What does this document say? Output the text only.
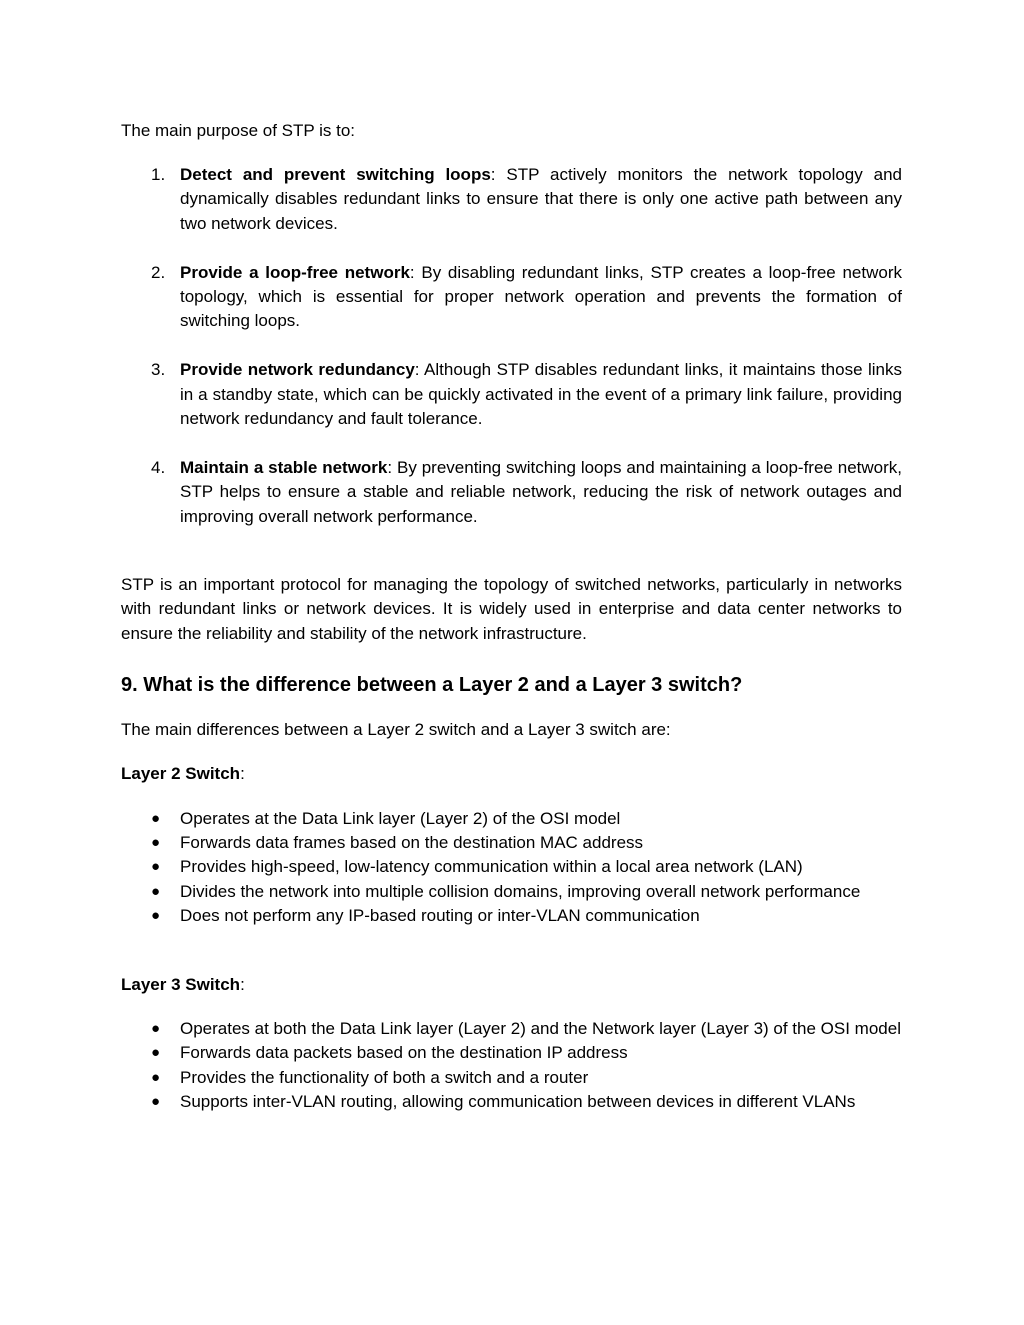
The main purpose of STP is to:

1. Detect and prevent switching loops: STP actively monitors the network topology and dynamically disables redundant links to ensure that there is only one active path between any two network devices.
2. Provide a loop-free network: By disabling redundant links, STP creates a loop-free network topology, which is essential for proper network operation and prevents the formation of switching loops.
3. Provide network redundancy: Although STP disables redundant links, it maintains those links in a standby state, which can be quickly activated in the event of a primary link failure, providing network redundancy and fault tolerance.
4. Maintain a stable network: By preventing switching loops and maintaining a loop-free network, STP helps to ensure a stable and reliable network, reducing the risk of network outages and improving overall network performance.

STP is an important protocol for managing the topology of switched networks, particularly in networks with redundant links or network devices. It is widely used in enterprise and data center networks to ensure the reliability and stability of the network infrastructure.

9. What is the difference between a Layer 2 and a Layer 3 switch?

The main differences between a Layer 2 switch and a Layer 3 switch are:

Layer 2 Switch:

● Operates at the Data Link layer (Layer 2) of the OSI model
● Forwards data frames based on the destination MAC address
● Provides high-speed, low-latency communication within a local area network (LAN)
● Divides the network into multiple collision domains, improving overall network performance
● Does not perform any IP-based routing or inter-VLAN communication

Layer 3 Switch:

● Operates at both the Data Link layer (Layer 2) and the Network layer (Layer 3) of the OSI model
● Forwards data packets based on the destination IP address
● Provides the functionality of both a switch and a router
● Supports inter-VLAN routing, allowing communication between devices in different VLANs
